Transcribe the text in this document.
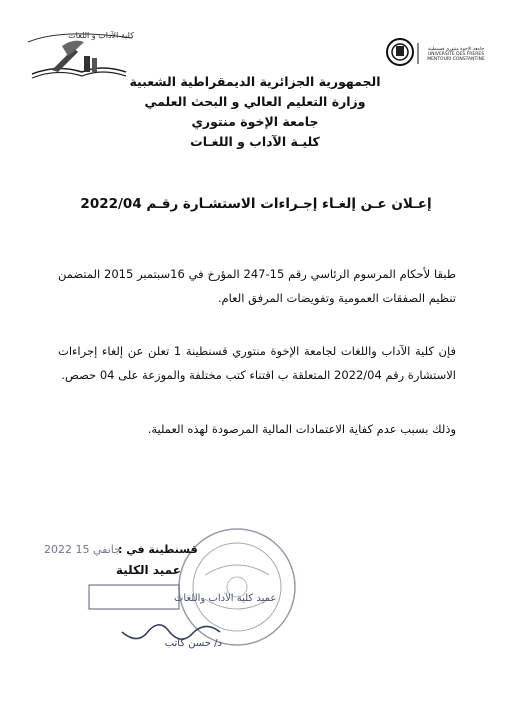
كلية الآداب و اللغات
جامعة الإخوة منتوري قسنطينة
UNIVERSITE DES FRERES
MENTOURI CONSTANTINE
الجمهورية الجزائرية الديمقراطية الشعبية
وزارة التعليم العالي و البحث العلمي
جامعة الإخوة منتوري
كليـة الآداب و اللغـات
إعـلان عـن إلغـاء إجـراءات الاستشـارة رقـم 2022/04
طبقا لأحكام المرسوم الرئاسي رقم 15-247 المؤرخ في 16سبتمبر 2015 المتضمن تنظيم الصفقات العمومية وتفويضات المرفق العام.
فإن كلية الآداب واللغات لجامعة الإخوة منتوري قسنطينة 1 تعلن عن إلغاء إجراءات الاستشارة رقم 2022/04 المتعلقة ب اقتناء كتب مختلفة والموزعة على 04 حصص.
وذلك بسبب عدم كفاية الاعتمادات المالية المرصودة لهذه العملية.
قسنطينة في :
2022 جانفي 15
عميد الكلية
عميد كلية الآداب واللغات
د/ حسن كاتب
